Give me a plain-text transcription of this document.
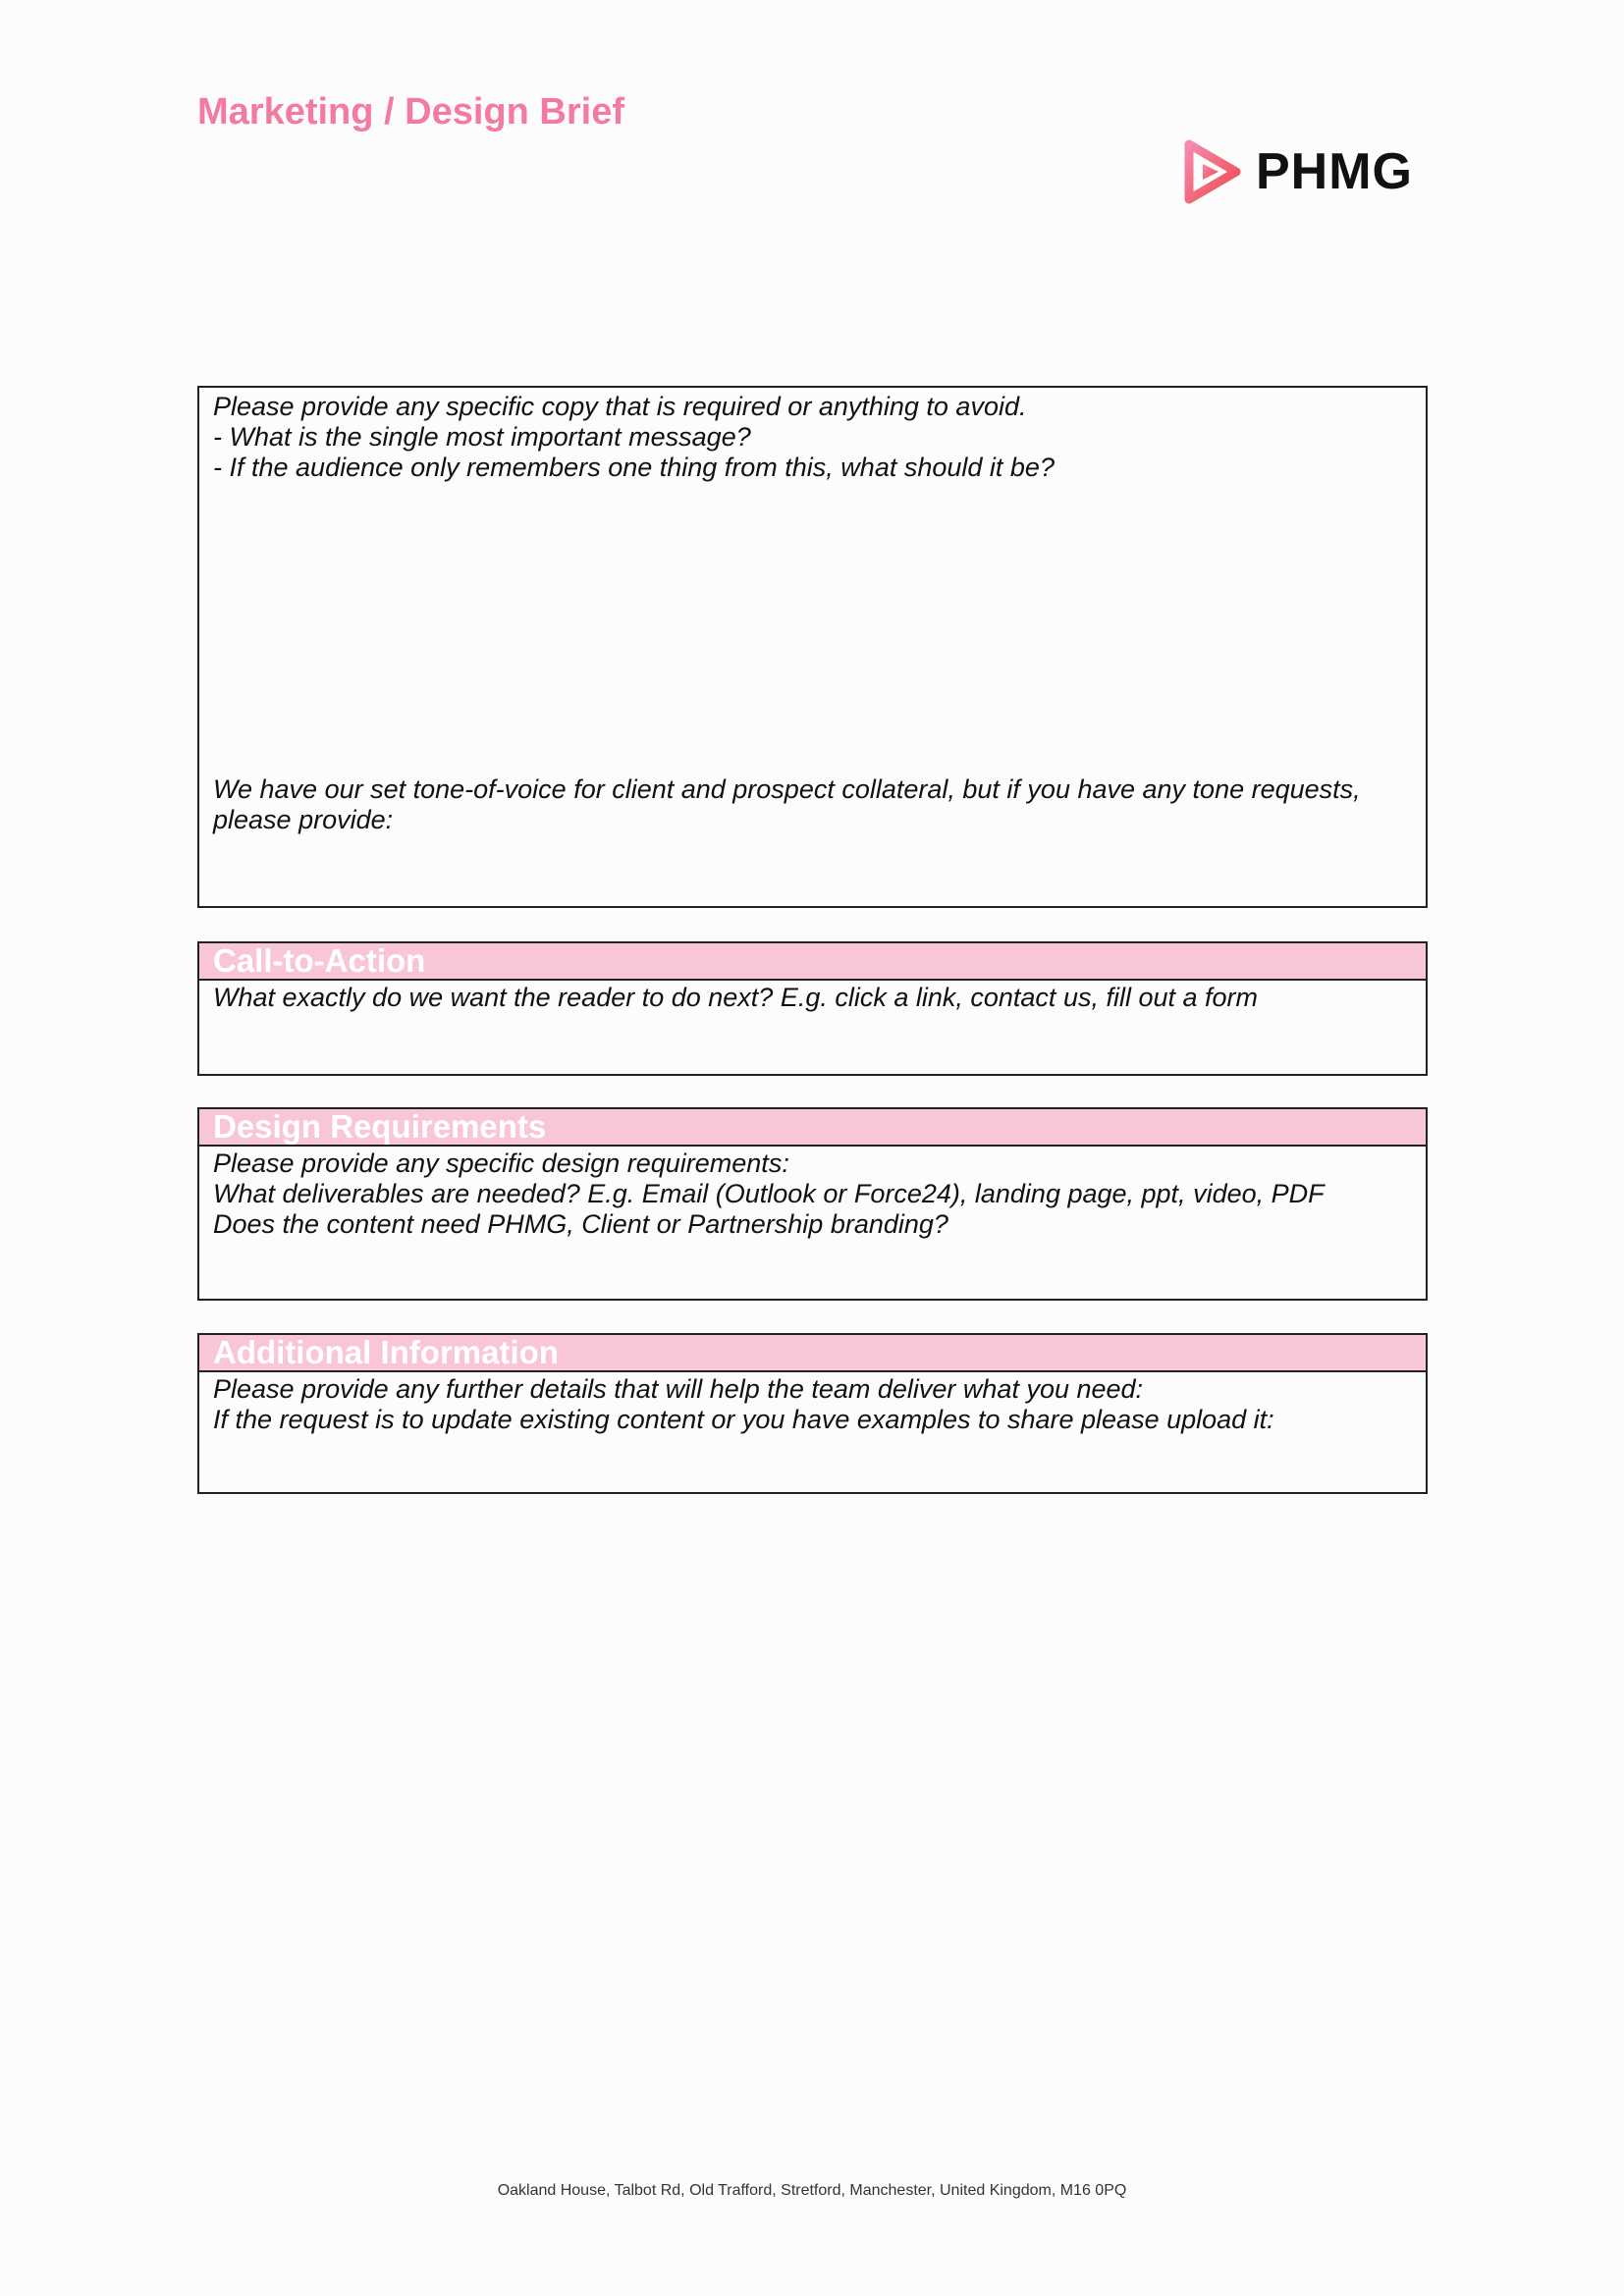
Marketing / Design Brief
PHMG
Please provide any specific copy that is required or anything to avoid.
- What is the single most important message?
- If the audience only remembers one thing from this, what should it be?
We have our set tone-of-voice for client and prospect collateral, but if you have any tone requests,
please provide:
Call-to-Action
What exactly do we want the reader to do next? E.g. click a link, contact us, fill out a form
Design Requirements
Please provide any specific design requirements:
What deliverables are needed? E.g. Email (Outlook or Force24), landing page, ppt, video, PDF
Does the content need PHMG, Client or Partnership branding?
Additional Information
Please provide any further details that will help the team deliver what you need:
If the request is to update existing content or you have examples to share please upload it:
Oakland House, Talbot Rd, Old Trafford, Stretford, Manchester, United Kingdom, M16 0PQ
